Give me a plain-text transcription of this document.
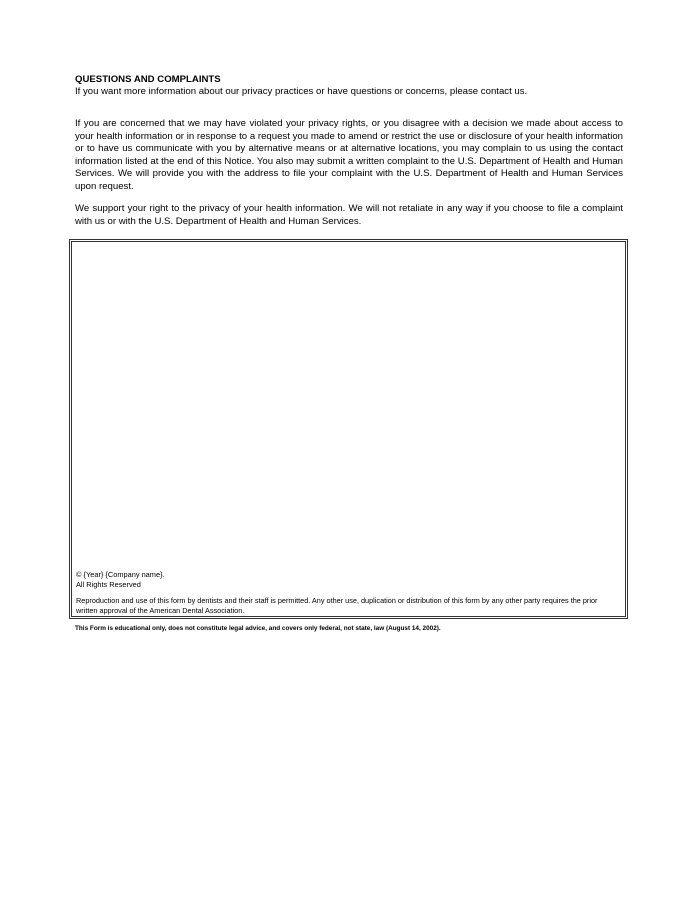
QUESTIONS AND COMPLAINTS
If you want more information about our privacy practices or have questions or concerns, please contact us.
If you are concerned that we may have violated your privacy rights, or you disagree with a decision we made about access to your health information or in response to a request you made to amend or restrict the use or disclosure of your health information or to have us communicate with you by alternative means or at alternative locations, you may complain to us using the contact information listed at the end of this Notice. You also may submit a written complaint to the U.S. Department of Health and Human Services. We will provide you with the address to file your complaint with the U.S. Department of Health and Human Services upon request.
We support your right to the privacy of your health information. We will not retaliate in any way if you choose to file a complaint with us or with the U.S. Department of Health and Human Services.
© {Year} {Company name}.
All Rights Reserved
Reproduction and use of this form by dentists and their staff is permitted. Any other use, duplication or distribution of this form by any other party requires the prior written approval of the American Dental Association.
This Form is educational only, does not constitute legal advice, and covers only federal, not state, law (August 14, 2002).
